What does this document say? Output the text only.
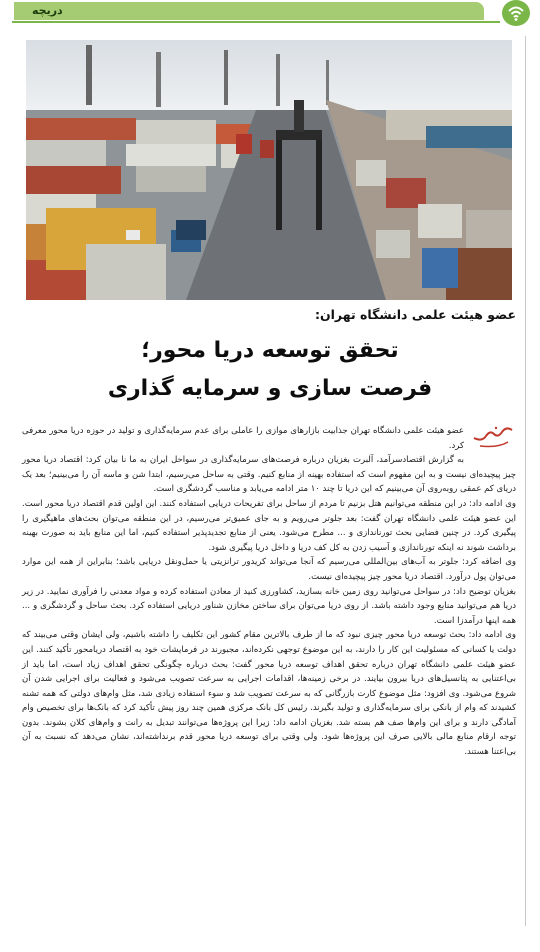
دریچه
عضو هیئت علمی دانشگاه تهران:
تحقق توسعه دریا محور؛
فرصت سازی و سرمایه گذاری

عضو هیئت علمی دانشگاه تهران جذابیت بازارهای موازی را عاملی برای عدم سرمایه‌گذاری و تولید در حوزه دریا محور معرفی کرد.

به گزارش اقتصادسرآمد، آلبرت بغزیان درباره فرصت‌های سرمایه‌گذاری در سواحل ایران به ما نا بیان کرد: اقتصاد دریا محور چیز پیچیده‌ای نیست و به این مفهوم است که استفاده بهینه از منابع کنیم. وقتی به ساحل می‌رسیم، ابتدا شن و ماسه آن را می‌بینیم؛ بعد یک دریای کم عمقی روبه‌روی آن می‌بینیم که این دریا تا چند ۱۰ متر ادامه می‌یابد و مناسب گردشگری است.

وی ادامه داد: در این منطقه می‌توانیم هتل بزنیم تا مردم از ساحل برای تفریحات دریایی استفاده کنند. این اولین قدم اقتصاد دریا محور است. این عضو هیئت علمی دانشگاه تهران گفت: بعد جلوتر می‌رویم و به جای عمیق‌تر می‌رسیم، در این منطقه می‌توان بحث‌های ماهیگیری را پیگیری کرد. در چنین فضایی بحث تورناندازی و ... مطرح می‌شود. یعنی از منابع تجدیدپذیر استفاده کنیم، اما این منابع باید به صورت بهینه برداشت شوند نه اینکه تورناندازی و آسیب زدن به کل کف دریا و داخل دریا پیگیری شود.

وی اضافه کرد: جلوتر به آب‌های بین‌المللی می‌رسیم که آنجا می‌تواند کریدور ترانزیتی یا حمل‌ونقل دریایی باشد؛ بنابراین از همه این موارد می‌توان پول درآورد. اقتصاد دریا محور چیز پیچیده‌ای نیست.

بغزیان توضیح داد: در سواحل می‌توانید روی زمین خانه بسازید، کشاورزی کنید از معادن استفاده کرده و مواد معدنی را فرآوری نمایید. در زیر دریا هم می‌توانید منابع وجود داشته باشد. از روی دریا می‌توان برای ساختن مخازن شناور دریایی استفاده کرد. بحث ساحل و گردشگری و ... همه اینها درآمدزا است.

وی ادامه داد: بحث توسعه دریا محور چیزی نبود که ما از طرف بالاترین مقام کشور این تکلیف را داشته باشیم، ولی ایشان وقتی می‌بیند که دولت یا کسانی که مسئولیت این کار را دارند، به این موضوع توجهی نکرده‌اند، مجبورند در فرمایشات خود به اقتصاد دریامحور تأکید کنند. این عضو هیئت علمی دانشگاه تهران درباره تحقق اهداف توسعه دریا محور گفت: بحث درباره چگونگی تحقق اهداف زیاد است، اما باید از بی‌اعتنایی به پتانسیل‌های دریا بیرون بیایند. در برخی زمینه‌ها، اقدامات اجرایی به سرعت تصویب می‌شود و فعالیت برای اجرایی شدن آن شروع می‌شود. وی افزود: مثل موضوع کارت بازرگانی که به سرعت تصویب شد و سوء استفاده زیادی شد، مثل وام‌های دولتی که همه تشنه کشیدند که وام از بانکی برای سرمایه‌گذاری و تولید بگیرند. رئیس کل بانک مرکزی همین چند روز پیش تأکید کرد که بانک‌ها برای تخصیص وام آمادگی دارند و برای این وام‌ها صف هم بسته شد. بغزیان ادامه داد: زیرا این پروژه‌ها می‌توانند تبدیل به رانت و وام‌های کلان بشوند. بدون توجه ارقام منابع مالی بالایی صرف این پروژه‌ها شود. ولی وقتی برای توسعه دریا محور قدم برنداشته‌اند، نشان می‌دهد که نسبت به آن بی‌اعتنا هستند.
